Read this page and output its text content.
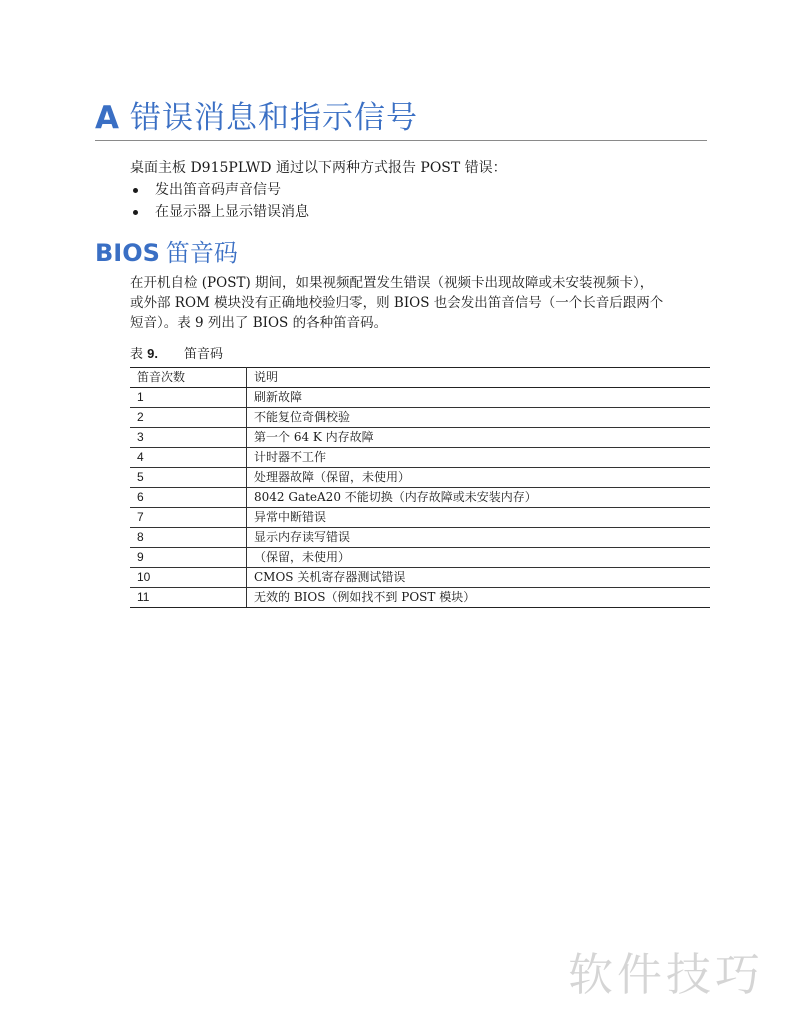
A 错误消息和指示信号

桌面主板 D915PLWD 通过以下两种方式报告 POST 错误：

发出笛音码声音信号
在显示器上显示错误消息
BIOS 笛音码

在开机自检 (POST) 期间，如果视频配置发生错误（视频卡出现故障或未安装视频卡），
或外部 ROM 模块没有正确地校验归零，则 BIOS 也会发出笛音信号（一个长音后跟两个
短音）。表 9 列出了 BIOS 的各种笛音码。

表 9. 笛音码

笛音次数	说明
1	刷新故障
2	不能复位奇偶校验
3	第一个 64 K 内存故障
4	计时器不工作
5	处理器故障（保留，未使用）
6	8042 GateA20 不能切换（内存故障或未安装内存）
7	异常中断错误
8	显示内存读写错误
9	（保留，未使用）
10	CMOS 关机寄存器测试错误
11	无效的 BIOS（例如找不到 POST 模块）
软件技巧
